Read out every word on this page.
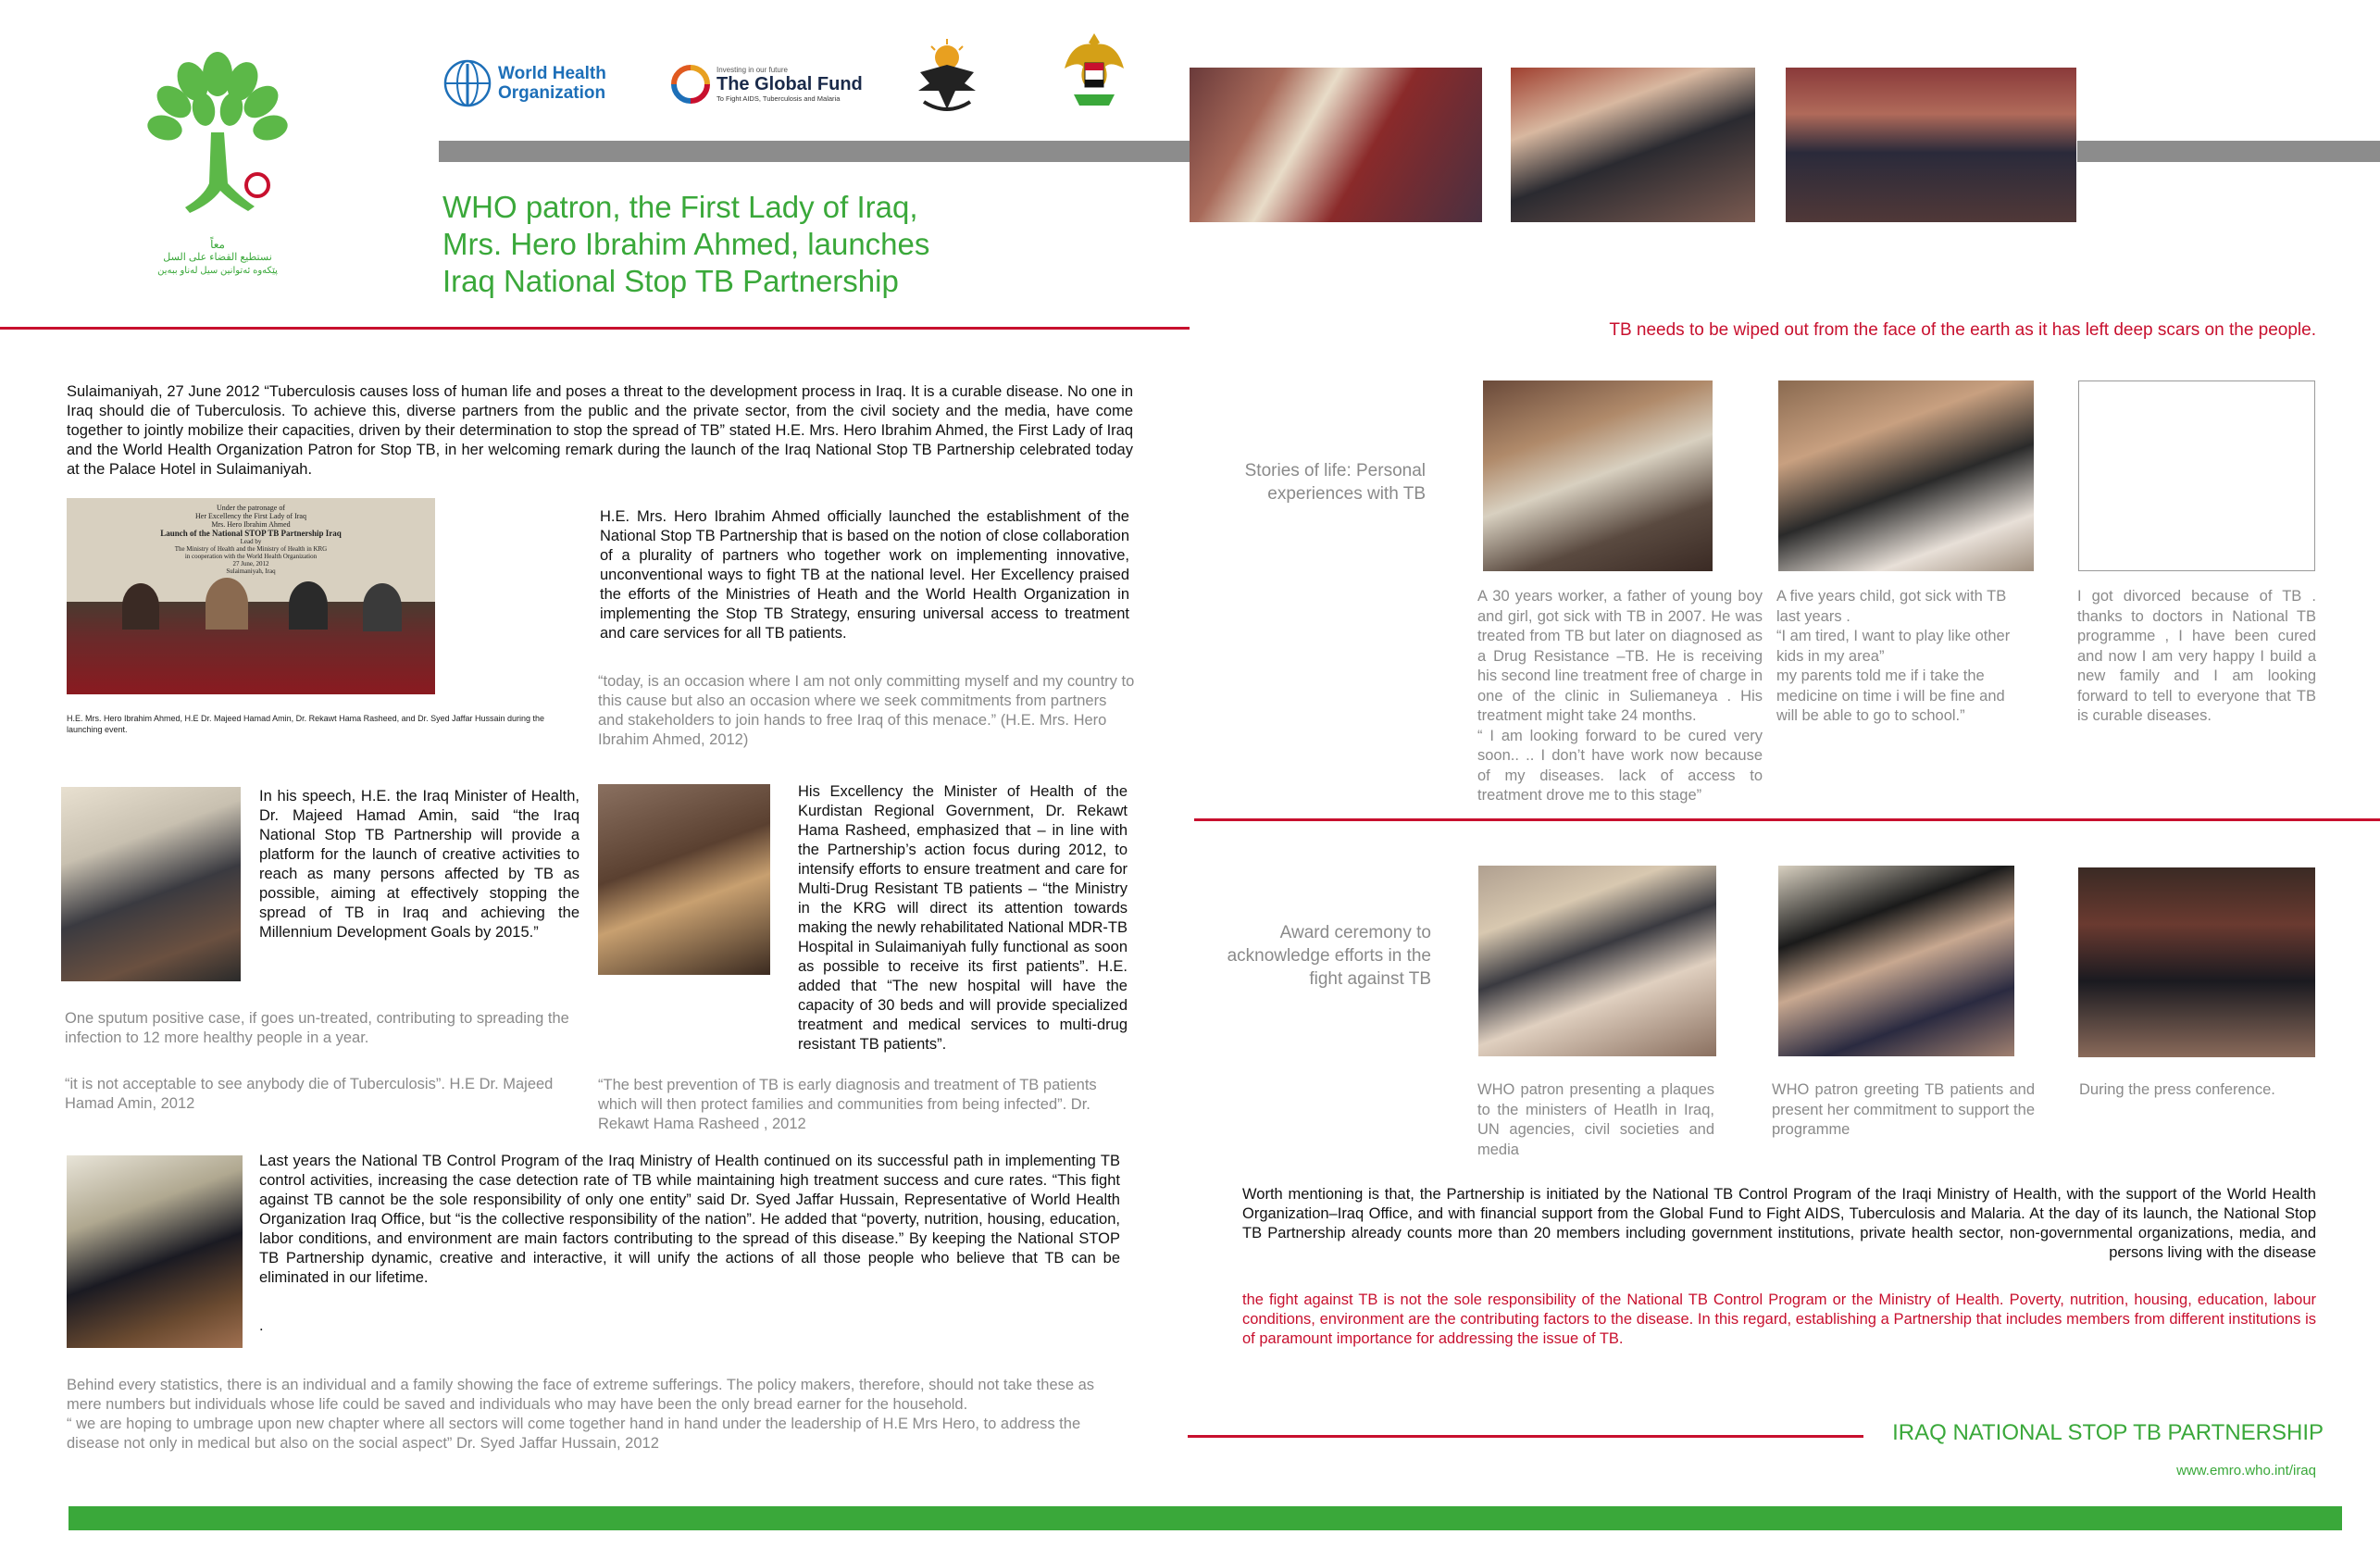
معاً
نستطيع القضاء على السل
پێکەوە ئەتوانین سیل لەناو ببەین
World Health
Organization
Investing in our future
The Global Fund
To Fight AIDS, Tuberculosis and Malaria
WHO patron, the First Lady of Iraq,
Mrs. Hero Ibrahim Ahmed, launches
Iraq National Stop TB Partnership
TB needs to be wiped out from the face of the earth as it has left deep scars on the people.
Sulaimaniyah, 27 June 2012 “Tuberculosis causes loss of human life and poses a threat to the development process in Iraq. It is a curable disease. No one in Iraq should die of Tuberculosis. To achieve this, diverse partners from the public and the private sector, from the civil society and the media, have come together to jointly mobilize their capacities, driven by their determination to stop the spread of TB” stated H.E. Mrs. Hero Ibrahim Ahmed, the First Lady of Iraq and the World Health Organization Patron for Stop TB, in her welcoming remark during the launch of the Iraq National Stop TB Partnership celebrated today at the Palace Hotel in Sulaimaniyah.
Under the patronage of
Her Excellency the First Lady of Iraq
Mrs. Hero Ibrahim Ahmed
Launch of the National STOP TB Partnership Iraq
Lead by
The Ministry of Health and the Ministry of Health in KRG
in cooperation with the World Health Organization
27 June, 2012
Sulaimaniyah, Iraq
H.E. Mrs. Hero Ibrahim Ahmed, H.E Dr. Majeed Hamad Amin, Dr. Rekawt Hama Rasheed, and Dr. Syed Jaffar Hussain during the launching event.
H.E. Mrs. Hero Ibrahim Ahmed officially launched the establishment of the National Stop TB Partnership that is based on the notion of close collaboration of a plurality of partners who together work on implementing innovative, unconventional ways to fight TB at the national level. Her Excellency praised the efforts of the Ministries of Heath and the World Health Organization in implementing the Stop TB Strategy, ensuring universal access to treatment and care services for all TB patients.
“today, is an occasion where I am not only committing myself and my country to this cause but also an occasion where we seek commitments from partners and stakeholders to join hands to free Iraq of this menace.” (H.E. Mrs. Hero Ibrahim Ahmed, 2012)
In his speech, H.E. the Iraq Minister of Health, Dr. Majeed Hamad Amin, said “the Iraq National Stop TB Partnership will provide a platform for the launch of creative activities to reach as many persons affected by TB as possible, aiming at effectively stopping the spread of TB in Iraq and achieving the Millennium Development Goals by 2015.”
His Excellency the Minister of Health of the Kurdistan Regional Government, Dr. Rekawt Hama Rasheed, emphasized that – in line with the Partnership’s action focus during 2012, to intensify efforts to ensure treatment and care for Multi-Drug Resistant TB patients – “the Ministry in the KRG will direct its attention towards making the newly rehabilitated National MDR-TB Hospital in Sulaimaniyah fully functional as soon as possible to receive its first patients”. H.E. added that “The new hospital will have the capacity of 30 beds and will provide specialized treatment and medical services to multi-drug resistant TB patients”.
One sputum positive case, if goes un-treated, contributing to spreading the infection to 12 more healthy people in a year.
“it is not acceptable to see anybody die of Tuberculosis”. H.E Dr. Majeed Hamad Amin, 2012
“The best prevention of TB is early diagnosis and treatment of TB patients which will then protect families and communities from being infected”. Dr. Rekawt Hama Rasheed , 2012
Last years the National TB Control Program of the Iraq Ministry of Health continued on its successful path in implementing TB control activities, increasing the case detection rate of TB while maintaining high treatment success and cure rates. “This fight against TB cannot be the sole responsibility of only one entity” said Dr. Syed Jaffar Hussain, Representative of World Health Organization Iraq Office, but “is the collective responsibility of the nation”. He added that “poverty, nutrition, housing, education, labor conditions, and environment are main factors contributing to the spread of this disease.” By keeping the National STOP TB Partnership dynamic, creative and interactive, it will unify the actions of all those people who believe that TB can be eliminated in our lifetime.
.
Behind every statistics, there is an individual and a family showing the face of extreme sufferings. The policy makers, therefore, should not take these as mere numbers but individuals whose life could be saved and individuals who may have been the only bread earner for the household.
“ we are hoping to umbrage upon new chapter where all sectors will come together hand in hand under the leadership of H.E Mrs Hero, to address the disease not only in medical but also on the social aspect” Dr. Syed Jaffar Hussain, 2012
Stories of life: Personal experiences with TB
A 30 years worker, a father of young boy and girl, got sick with TB in 2007. He was treated from TB but later on diagnosed as a Drug Resistance –TB. He is receiving his second line treatment free of charge in one of the clinic in Suliemaneya . His treatment might take 24 months.
“ I am looking forward to be cured very soon.. .. I don’t have work now because of my diseases. lack of access to treatment drove me to this stage”
A five years child, got sick with TB last years .
“I am tired, I want to play like other kids in my area”
my parents told me if i take the medicine on time i will be fine and will be able to go to school.”
I got divorced because of TB . thanks to doctors in National TB programme , I have been cured and now I am very happy I build a new family and I am looking forward to tell to everyone that TB is curable diseases.
Award ceremony to acknowledge efforts in the fight against TB
WHO patron presenting a plaques to the ministers of Heatlh in Iraq, UN agencies, civil societies and media
WHO patron greeting TB patients and present her commitment to support the programme
During the press conference.
Worth mentioning is that, the Partnership is initiated by the National TB Control Program of the Iraqi Ministry of Health, with the support of the World Health Organization–Iraq Office, and with financial support from the Global Fund to Fight AIDS, Tuberculosis and Malaria. At the day of its launch, the National Stop TB Partnership already counts more than 20 members including government institutions, private health sector, non-governmental organizations, media, and persons living with the disease
the fight against TB is not the sole responsibility of the National TB Control Program or the Ministry of Health. Poverty, nutrition, housing, education, labour conditions, environment are the contributing factors to the disease. In this regard, establishing a Partnership that includes members from different institutions is of paramount importance for addressing the issue of TB.
IRAQ NATIONAL STOP TB PARTNERSHIP
www.emro.who.int/iraq
